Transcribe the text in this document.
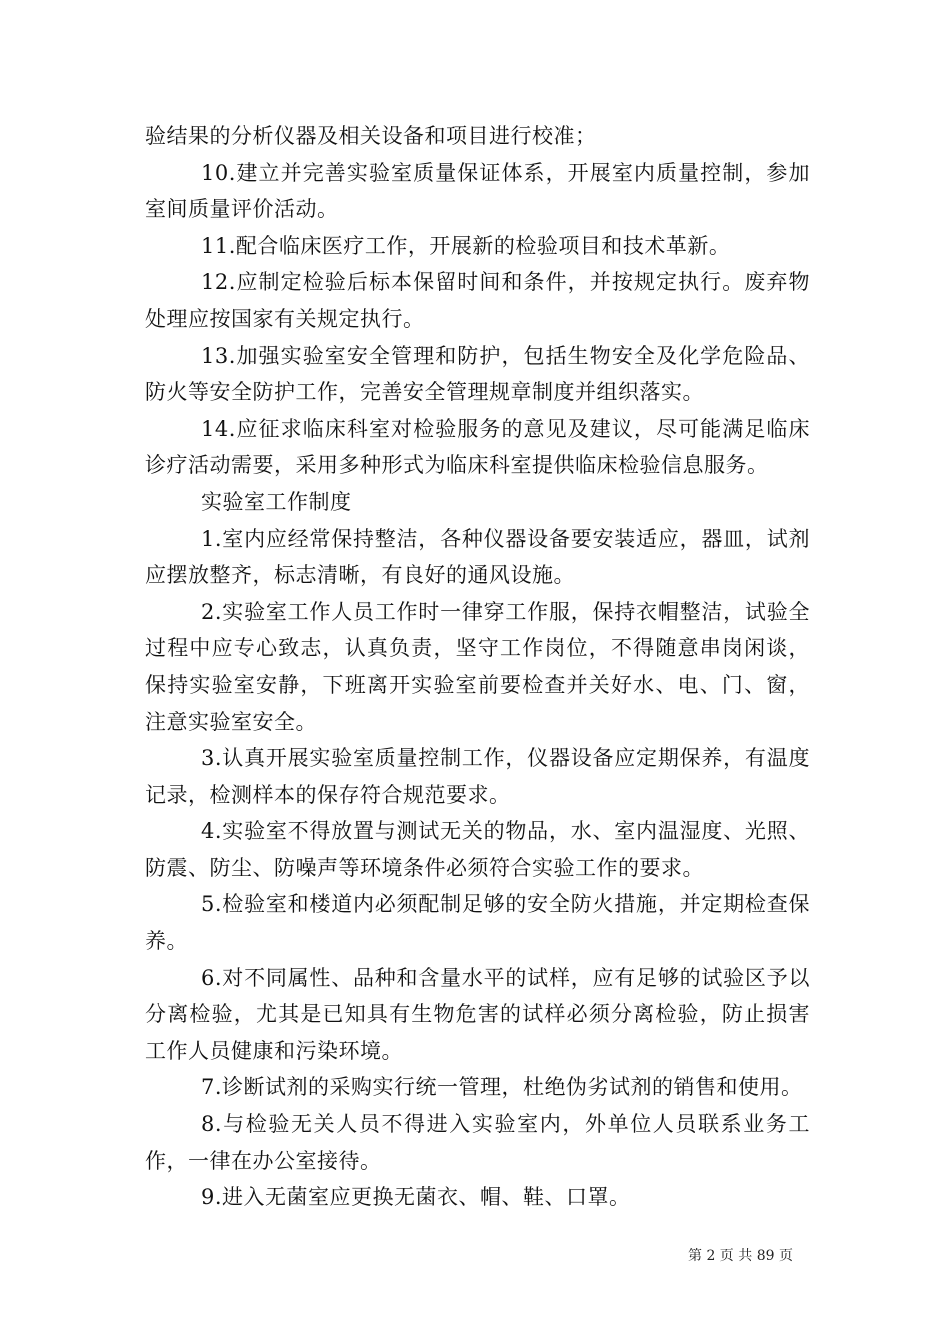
验结果的分析仪器及相关设备和项目进行校准；

10.建立并完善实验室质量保证体系，开展室内质量控制，参加室间质量评价活动。

11.配合临床医疗工作，开展新的检验项目和技术革新。

12.应制定检验后标本保留时间和条件，并按规定执行。废弃物处理应按国家有关规定执行。

13.加强实验室安全管理和防护，包括生物安全及化学危险品、防火等安全防护工作，完善安全管理规章制度并组织落实。

14.应征求临床科室对检验服务的意见及建议，尽可能满足临床诊疗活动需要，采用多种形式为临床科室提供临床检验信息服务。

实验室工作制度

1.室内应经常保持整洁，各种仪器设备要安装适应，器皿，试剂应摆放整齐，标志清晰，有良好的通风设施。

2.实验室工作人员工作时一律穿工作服，保持衣帽整洁，试验全过程中应专心致志，认真负责，坚守工作岗位，不得随意串岗闲谈，保持实验室安静，下班离开实验室前要检查并关好水、电、门、窗，注意实验室安全。

3.认真开展实验室质量控制工作，仪器设备应定期保养，有温度记录，检测样本的保存符合规范要求。

4.实验室不得放置与测试无关的物品，水、室内温湿度、光照、防震、防尘、防噪声等环境条件必须符合实验工作的要求。

5.检验室和楼道内必须配制足够的安全防火措施，并定期检查保养。

6.对不同属性、品种和含量水平的试样，应有足够的试验区予以分离检验，尤其是已知具有生物危害的试样必须分离检验，防止损害工作人员健康和污染环境。

7.诊断试剂的采购实行统一管理，杜绝伪劣试剂的销售和使用。

8.与检验无关人员不得进入实验室内，外单位人员联系业务工作，一律在办公室接待。

9.进入无菌室应更换无菌衣、帽、鞋、口罩。

第 2 页 共 89 页
